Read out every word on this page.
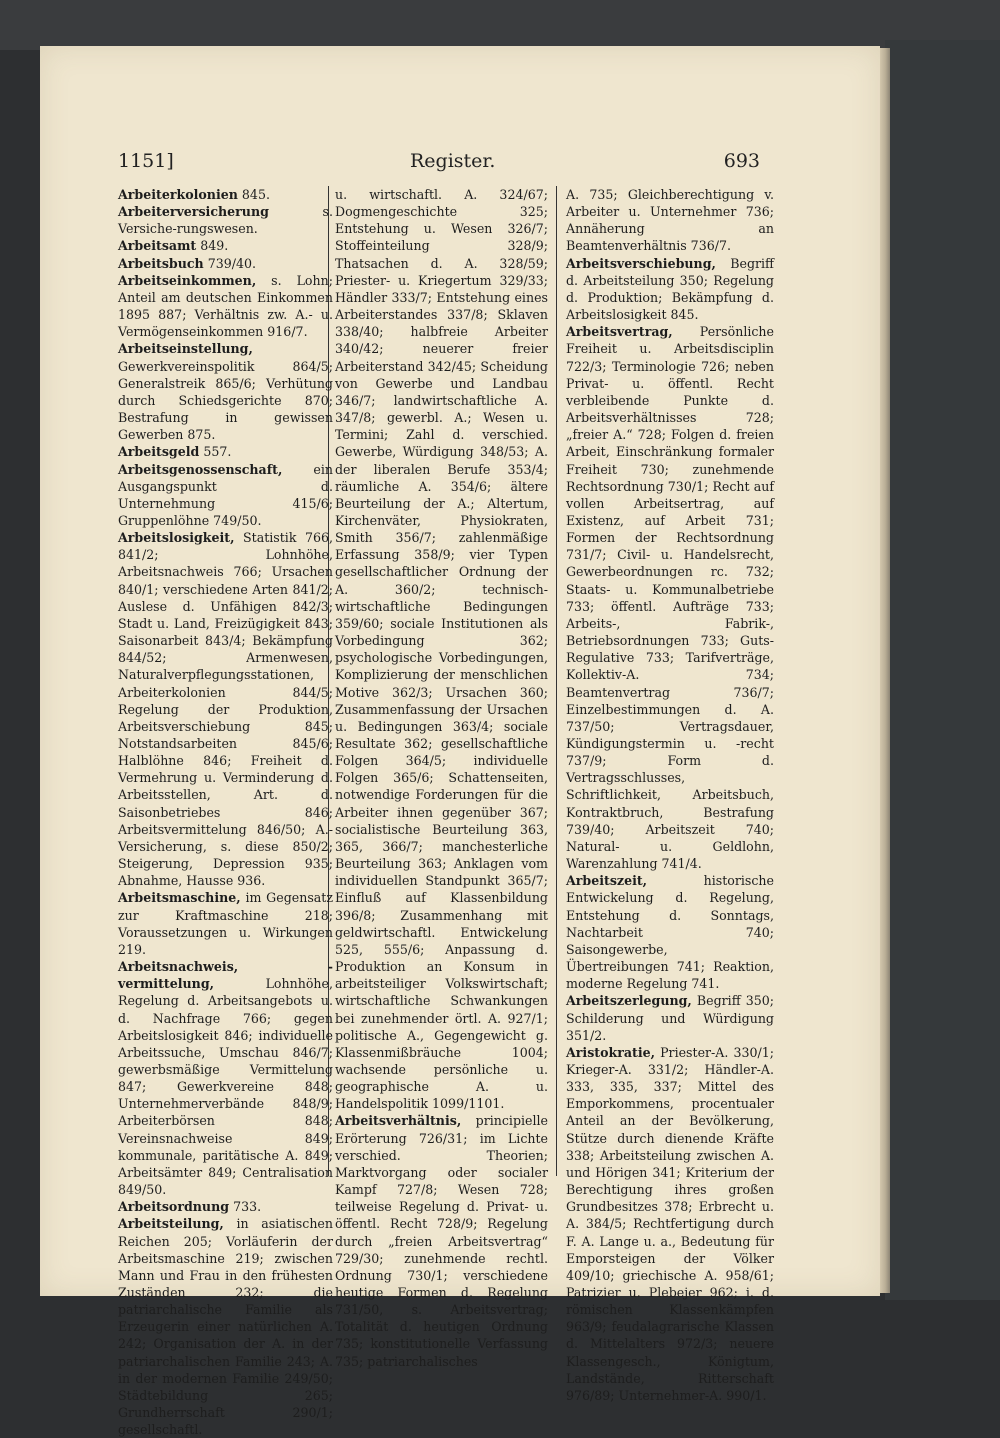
1151]	Register.	693
Arbeiterkolonien 845.
Arbeiterversicherung	s. Versiche-rungswesen.
Arbeitsamt 849.
Arbeitsbuch 739/40.
Arbeitseinkommen, s. Lohn; Anteil am deutschen Einkommen 1895 887; Verhältnis zw. A.- u. Vermögenseinkommen 916/7.
Arbeitseinstellung, Gewerkvereinspolitik 864/5; Generalstreik 865/6; Verhütung durch Schiedsgerichte 870; Bestrafung in gewissen Gewerben 875.
Arbeitsgeld 557.
Arbeitsgenossenschaft, ein Ausgangspunkt d. Unternehmung 415/6; Gruppenlöhne 749/50.
Arbeitslosigkeit, Statistik 766, 841/2; Lohnhöhe, Arbeitsnachweis 766; Ursachen 840/1; verschiedene Arten 841/2; Auslese d. Unfähigen 842/3; Stadt u. Land, Freizügigkeit 843; Saisonarbeit 843/4; Bekämpfung 844/52; Armenwesen, Naturalverpflegungsstationen, Arbeiterkolonien 844/5; Regelung der Produktion, Arbeitsverschiebung 845; Notstandsarbeiten 845/6; Halblöhne 846; Freiheit d. Vermehrung u. Verminderung d. Arbeitsstellen, Art. d. Saisonbetriebes 846; Arbeitsvermittelung 846/50; A.-Versicherung, s. diese 850/2; Steigerung, Depression 935; Abnahme, Hausse 936.
Arbeitsmaschine, im Gegensatz zur Kraftmaschine 218; Voraussetzungen u. Wirkungen 219.
Arbeitsnachweis, -vermittelung,	Lohnhöhe, Regelung d. Arbeitsangebots u. d. Nachfrage 766; gegen Arbeitslosigkeit 846; individuelle Arbeitssuche, Umschau 846/7; gewerbsmäßige Vermittelung 847; Gewerkvereine 848; Unternehmerverbände 848/9; Arbeiterbörsen 848; Vereinsnachweise 849; kommunale, paritätische A. 849; Arbeitsämter 849; Centralisation 849/50.
Arbeitsordnung 733.
Arbeitsteilung, in asiatischen Reichen 205; Vorläuferin der Arbeitsmaschine 219; zwischen Mann und Frau in den frühesten Zuständen 232; die patriarchalische Familie als Erzeugerin einer natürlichen A. 242; Organisation der A. in der patriarchalischen Familie 243; A. in der modernen Familie 249/50; Städtebildung 265; Grundherrschaft 290/1; gesellschaftl.
u. wirtschaftl. A. 324/67; Dogmengeschichte 325; Entstehung u. Wesen 326/7; Stoffeinteilung 328/9; Thatsachen d. A. 328/59; Priester- u. Kriegertum 329/33; Händler 333/7; Entstehung eines Arbeiterstandes 337/8; Sklaven 338/40; halbfreie Arbeiter 340/42; neuerer freier Arbeiterstand 342/45; Scheidung von Gewerbe und Landbau 346/7; landwirtschaftliche A. 347/8; gewerbl. A.; Wesen u. Termini; Zahl d. verschied. Gewerbe, Würdigung 348/53; A. der liberalen Berufe 353/4; räumliche A. 354/6; ältere Beurteilung der A.; Altertum, Kirchenväter, Physiokraten, Smith 356/7; zahlenmäßige Erfassung 358/9; vier Typen gesellschaftlicher Ordnung der A. 360/2; technisch-wirtschaftliche Bedingungen 359/60; sociale Institutionen als Vorbedingung 362; psychologische Vorbedingungen, Komplizierung der menschlichen Motive 362/3; Ursachen 360; Zusammenfassung der Ursachen u. Bedingungen 363/4; sociale Resultate 362; gesellschaftliche Folgen 364/5; individuelle Folgen 365/6; Schattenseiten, notwendige Forderungen für die Arbeiter ihnen gegenüber 367; socialistische Beurteilung 363, 365, 366/7; manchesterliche Beurteilung 363; Anklagen vom individuellen Standpunkt 365/7; Einfluß auf Klassenbildung 396/8; Zusammenhang mit geldwirtschaftl. Entwickelung 525, 555/6; Anpassung d. Produktion an Konsum in arbeitsteiliger Volkswirtschaft; wirtschaftliche Schwankungen bei zunehmender örtl. A. 927/1; politische A., Gegengewicht g. Klassenmißbräuche 1004; wachsende persönliche u. geographische A. u. Handelspolitik 1099/1101.
Arbeitsverhältnis, principielle Erörterung 726/31; im Lichte verschied. Theorien; Marktvorgang oder socialer Kampf 727/8; Wesen 728; teilweise Regelung d. Privat- u. öffentl. Recht 728/9; Regelung durch „freien Arbeitsvertrag“ 729/30; zunehmende rechtl. Ordnung 730/1; verschiedene heutige Formen d. Regelung 731/50, s. Arbeitsvertrag; Totalität d. heutigen Ordnung 735; konstitutionelle Verfassung 735; patriarchalisches
A. 735; Gleichberechtigung v. Arbeiter u. Unternehmer 736; Annäherung an Beamtenverhältnis 736/7.
Arbeitsverschiebung, Begriff d. Arbeitsteilung 350; Regelung d. Produktion; Bekämpfung d. Arbeitslosigkeit 845.
Arbeitsvertrag, Persönliche Freiheit u. Arbeitsdisciplin 722/3; Terminologie 726; neben Privat- u. öffentl. Recht verbleibende Punkte d. Arbeitsverhältnisses 728; „freier A.“ 728; Folgen d. freien Arbeit, Einschränkung formaler Freiheit 730; zunehmende Rechtsordnung 730/1; Recht auf vollen Arbeitsertrag, auf Existenz, auf Arbeit 731; Formen der Rechtsordnung 731/7; Civil- u. Handelsrecht, Gewerbeordnungen rc. 732; Staats- u. Kommunalbetriebe 733; öffentl. Aufträge 733; Arbeits-, Fabrik-, Betriebsordnungen 733; Guts-Regulative 733; Tarifverträge, Kollektiv-A. 734; Beamtenvertrag 736/7; Einzelbestimmungen d. A. 737/50; Vertragsdauer, Kündigungstermin u. -recht 737/9; Form d. Vertragsschlusses, Schriftlichkeit, Arbeitsbuch, Kontraktbruch, Bestrafung 739/40; Arbeitszeit 740; Natural- u. Geldlohn, Warenzahlung 741/4.
Arbeitszeit,	historische Entwickelung d. Regelung, Entstehung d. Sonntags, Nachtarbeit 740; Saisongewerbe, Übertreibungen 741; Reaktion, moderne Regelung 741.
Arbeitszerlegung, Begriff 350; Schilderung und Würdigung 351/2.
Aristokratie, Priester-A. 330/1; Krieger-A. 331/2; Händler-A. 333, 335, 337; Mittel des Emporkommens, procentualer Anteil an der Bevölkerung, Stütze durch dienende Kräfte 338; Arbeitsteilung zwischen A. und Hörigen 341; Kriterium der Berechtigung ihres großen Grundbesitzes 378; Erbrecht u. A. 384/5; Rechtfertigung durch F. A. Lange u. a., Bedeutung für Emporsteigen der Völker 409/10; griechische A. 958/61; Patrizier u. Plebejer 962; i. d. römischen Klassenkämpfen 963/9; feudalagrarische Klassen d. Mittelalters 972/3; neuere Klassengesch., Königtum, Landstände, Ritterschaft 976/89; Unternehmer-A. 990/1.
